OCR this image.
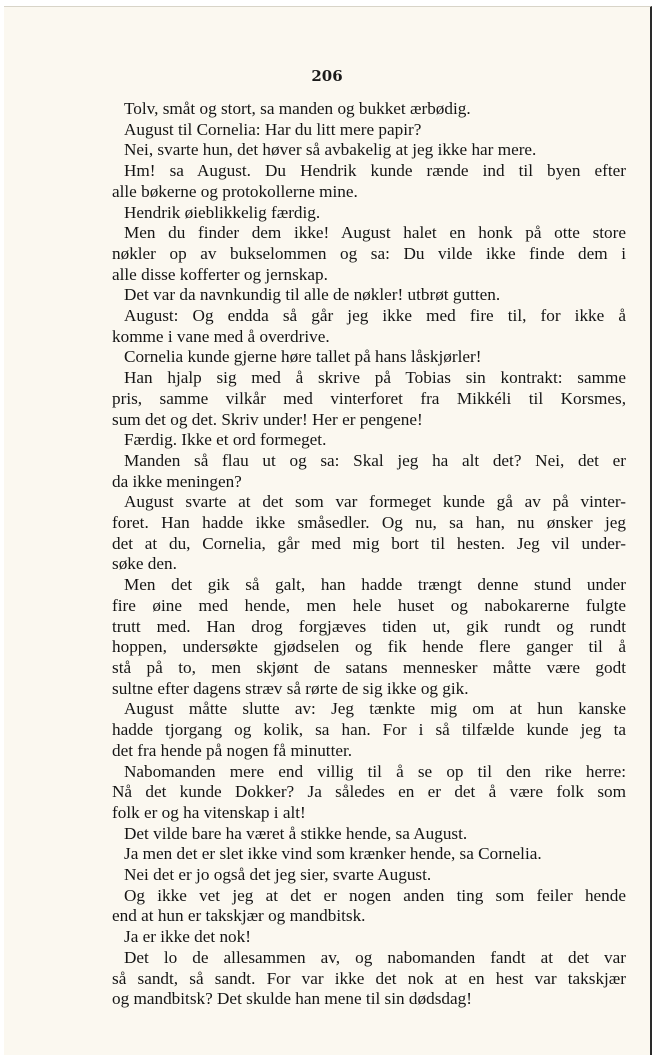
206
Tolv, småt og stort, sa manden og bukket ærbødig.
August til Cornelia: Har du litt mere papir?
Nei, svarte hun, det høver så avbakelig at jeg ikke har mere.
Hm! sa August. Du Hendrik kunde rænde ind til byen efter
alle bøkerne og protokollerne mine.
Hendrik øieblikkelig færdig.
Men du finder dem ikke! August halet en honk på otte store
nøkler op av bukselommen og sa: Du vilde ikke finde dem i
alle disse kofferter og jernskap.
Det var da navnkundig til alle de nøkler! utbrøt gutten.
August: Og endda så går jeg ikke med fire til, for ikke å
komme i vane med å overdrive.
Cornelia kunde gjerne høre tallet på hans låskjørler!
Han hjalp sig med å skrive på Tobias sin kontrakt: samme
pris, samme vilkår med vinterforet fra Mikkéli til Korsmes,
sum det og det. Skriv under! Her er pengene!
Færdig. Ikke et ord formeget.
Manden så flau ut og sa: Skal jeg ha alt det? Nei, det er
da ikke meningen?
August svarte at det som var formeget kunde gå av på vinter-
foret. Han hadde ikke småsedler. Og nu, sa han, nu ønsker jeg
det at du, Cornelia, går med mig bort til hesten. Jeg vil under-
søke den.
Men det gik så galt, han hadde trængt denne stund under
fire øine med hende, men hele huset og nabokarerne fulgte
trutt med. Han drog forgjæves tiden ut, gik rundt og rundt
hoppen, undersøkte gjødselen og fik hende flere ganger til å
stå på to, men skjønt de satans mennesker måtte være godt
sultne efter dagens stræv så rørte de sig ikke og gik.
August måtte slutte av: Jeg tænkte mig om at hun kanske
hadde tjorgang og kolik, sa han. For i så tilfælde kunde jeg ta
det fra hende på nogen få minutter.
Nabomanden mere end villig til å se op til den rike herre:
Nå det kunde Dokker? Ja således en er det å være folk som
folk er og ha vitenskap i alt!
Det vilde bare ha været å stikke hende, sa August.
Ja men det er slet ikke vind som krænker hende, sa Cornelia.
Nei det er jo også det jeg sier, svarte August.
Og ikke vet jeg at det er nogen anden ting som feiler hende
end at hun er takskjær og mandbitsk.
Ja er ikke det nok!
Det lo de allesammen av, og nabomanden fandt at det var
så sandt, så sandt. For var ikke det nok at en hest var takskjær
og mandbitsk? Det skulde han mene til sin dødsdag!
